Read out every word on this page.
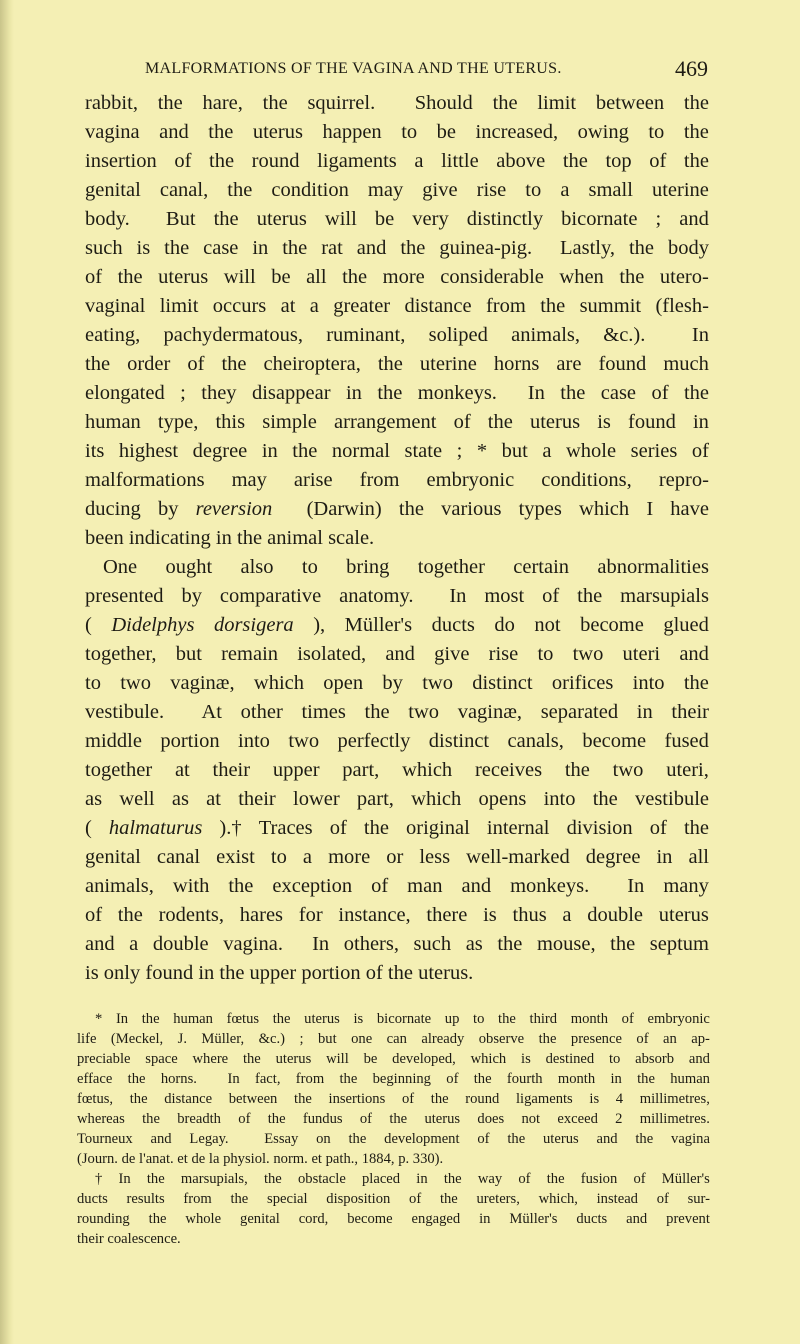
MALFORMATIONS OF THE VAGINA AND THE UTERUS.	469
rabbit, the hare, the squirrel. Should the limit between the
vagina and the uterus happen to be increased, owing to the
insertion of the round ligaments a little above the top of the
genital canal, the condition may give rise to a small uterine
body. But the uterus will be very distinctly bicornate ; and
such is the case in the rat and the guinea-pig. Lastly, the body
of the uterus will be all the more considerable when the utero-
vaginal limit occurs at a greater distance from the summit (flesh-
eating, pachydermatous, ruminant, soliped animals, &c.). In
the order of the cheiroptera, the uterine horns are found much
elongated ; they disappear in the monkeys. In the case of the
human type, this simple arrangement of the uterus is found in
its highest degree in the normal state ; * but a whole series of
malformations may arise from embryonic conditions, repro-
ducing by reversion (Darwin) the various types which I have
been indicating in the animal scale.
One ought also to bring together certain abnormalities
presented by comparative anatomy. In most of the marsupials
( Didelphys dorsigera ), Müller's ducts do not become glued
together, but remain isolated, and give rise to two uteri and
to two vaginæ, which open by two distinct orifices into the
vestibule. At other times the two vaginæ, separated in their
middle portion into two perfectly distinct canals, become fused
together at their upper part, which receives the two uteri,
as well as at their lower part, which opens into the vestibule
( halmaturus ).† Traces of the original internal division of the
genital canal exist to a more or less well-marked degree in all
animals, with the exception of man and monkeys. In many
of the rodents, hares for instance, there is thus a double uterus
and a double vagina. In others, such as the mouse, the septum
is only found in the upper portion of the uterus.
* In the human fœtus the uterus is bicornate up to the third month of embryonic
life (Meckel, J. Müller, &c.) ; but one can already observe the presence of an ap-
preciable space where the uterus will be developed, which is destined to absorb and
efface the horns. In fact, from the beginning of the fourth month in the human
fœtus, the distance between the insertions of the round ligaments is 4 millimetres,
whereas the breadth of the fundus of the uterus does not exceed 2 millimetres.
Tourneux and Legay. Essay on the development of the uterus and the vagina
(Journ. de l'anat. et de la physiol. norm. et path., 1884, p. 330).
† In the marsupials, the obstacle placed in the way of the fusion of Müller's
ducts results from the special disposition of the ureters, which, instead of sur-
rounding the whole genital cord, become engaged in Müller's ducts and prevent
their coalescence.
